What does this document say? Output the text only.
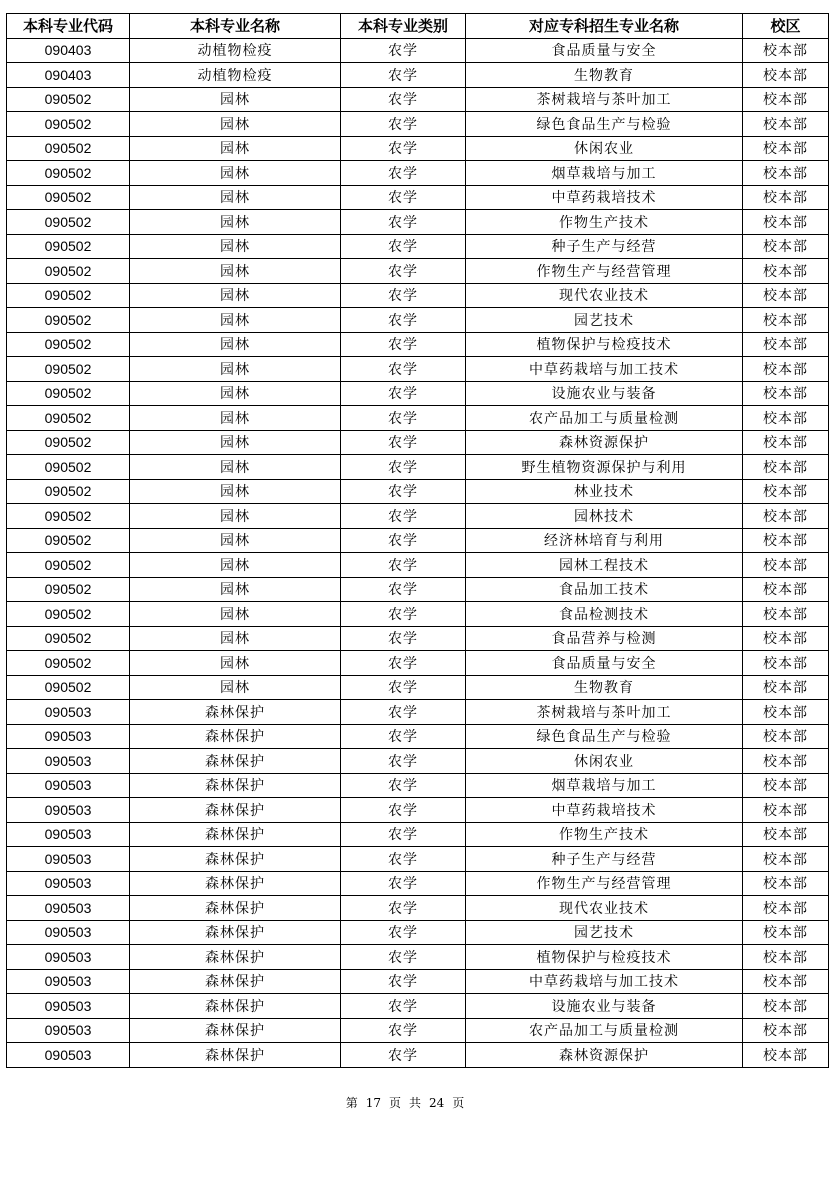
本科专业代码	本科专业名称	本科专业类别	对应专科招生专业名称	校区
090403	动植物检疫	农学	食品质量与安全	校本部
090403	动植物检疫	农学	生物教育	校本部
090502	园林	农学	茶树栽培与茶叶加工	校本部
090502	园林	农学	绿色食品生产与检验	校本部
090502	园林	农学	休闲农业	校本部
090502	园林	农学	烟草栽培与加工	校本部
090502	园林	农学	中草药栽培技术	校本部
090502	园林	农学	作物生产技术	校本部
090502	园林	农学	种子生产与经营	校本部
090502	园林	农学	作物生产与经营管理	校本部
090502	园林	农学	现代农业技术	校本部
090502	园林	农学	园艺技术	校本部
090502	园林	农学	植物保护与检疫技术	校本部
090502	园林	农学	中草药栽培与加工技术	校本部
090502	园林	农学	设施农业与装备	校本部
090502	园林	农学	农产品加工与质量检测	校本部
090502	园林	农学	森林资源保护	校本部
090502	园林	农学	野生植物资源保护与利用	校本部
090502	园林	农学	林业技术	校本部
090502	园林	农学	园林技术	校本部
090502	园林	农学	经济林培育与利用	校本部
090502	园林	农学	园林工程技术	校本部
090502	园林	农学	食品加工技术	校本部
090502	园林	农学	食品检测技术	校本部
090502	园林	农学	食品营养与检测	校本部
090502	园林	农学	食品质量与安全	校本部
090502	园林	农学	生物教育	校本部
090503	森林保护	农学	茶树栽培与茶叶加工	校本部
090503	森林保护	农学	绿色食品生产与检验	校本部
090503	森林保护	农学	休闲农业	校本部
090503	森林保护	农学	烟草栽培与加工	校本部
090503	森林保护	农学	中草药栽培技术	校本部
090503	森林保护	农学	作物生产技术	校本部
090503	森林保护	农学	种子生产与经营	校本部
090503	森林保护	农学	作物生产与经营管理	校本部
090503	森林保护	农学	现代农业技术	校本部
090503	森林保护	农学	园艺技术	校本部
090503	森林保护	农学	植物保护与检疫技术	校本部
090503	森林保护	农学	中草药栽培与加工技术	校本部
090503	森林保护	农学	设施农业与装备	校本部
090503	森林保护	农学	农产品加工与质量检测	校本部
090503	森林保护	农学	森林资源保护	校本部
第 17 页 共 24 页
